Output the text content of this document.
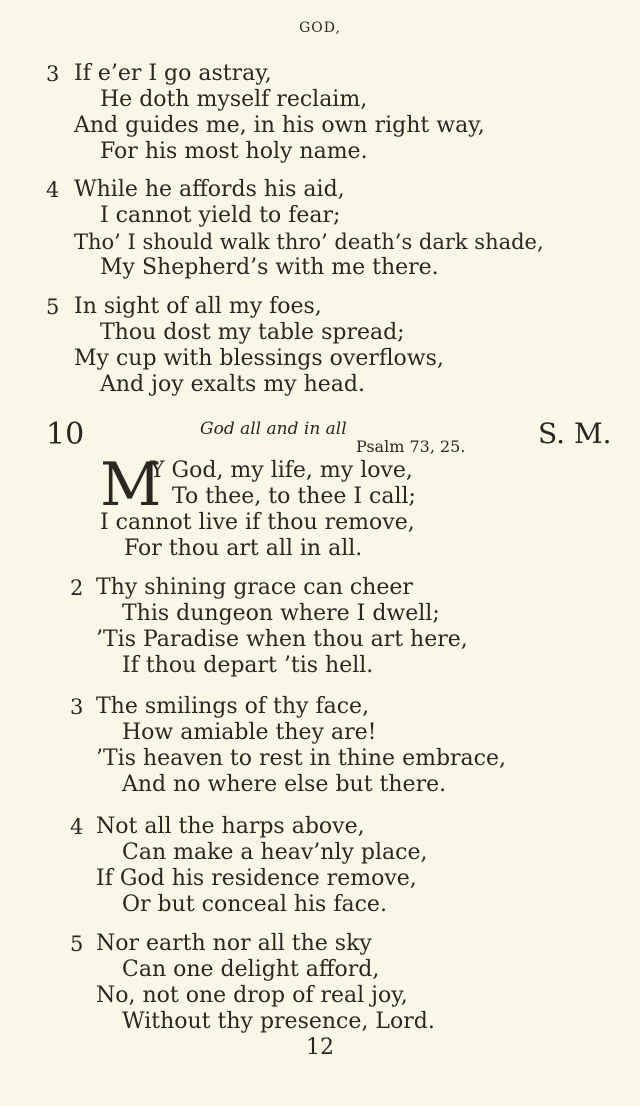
GOD,
3 If e’er I go astray,
He doth myself reclaim,
And guides me, in his own right way,
For his most holy name.
4 While he affords his aid,
I cannot yield to fear;
Tho’ I should walk thro’ death’s dark shade,
My Shepherd’s with me there.
5 In sight of all my foes,
Thou dost my table spread;
My cup with blessings overflows,
And joy exalts my head.
10	God all and in all
Psalm 73, 25.	S. M.
M
Y God, my life, my love,
To thee, to thee I call;
I cannot live if thou remove,
For thou art all in all.
2 Thy shining grace can cheer
This dungeon where I dwell;
’Tis Paradise when thou art here,
If thou depart ’tis hell.
3 The smilings of thy face,
How amiable they are!
’Tis heaven to rest in thine embrace,
And no where else but there.
4 Not all the harps above,
Can make a heav’nly place,
If God his residence remove,
Or but conceal his face.
5 Nor earth nor all the sky
Can one delight afford,
No, not one drop of real joy,
Without thy presence, Lord.
12
